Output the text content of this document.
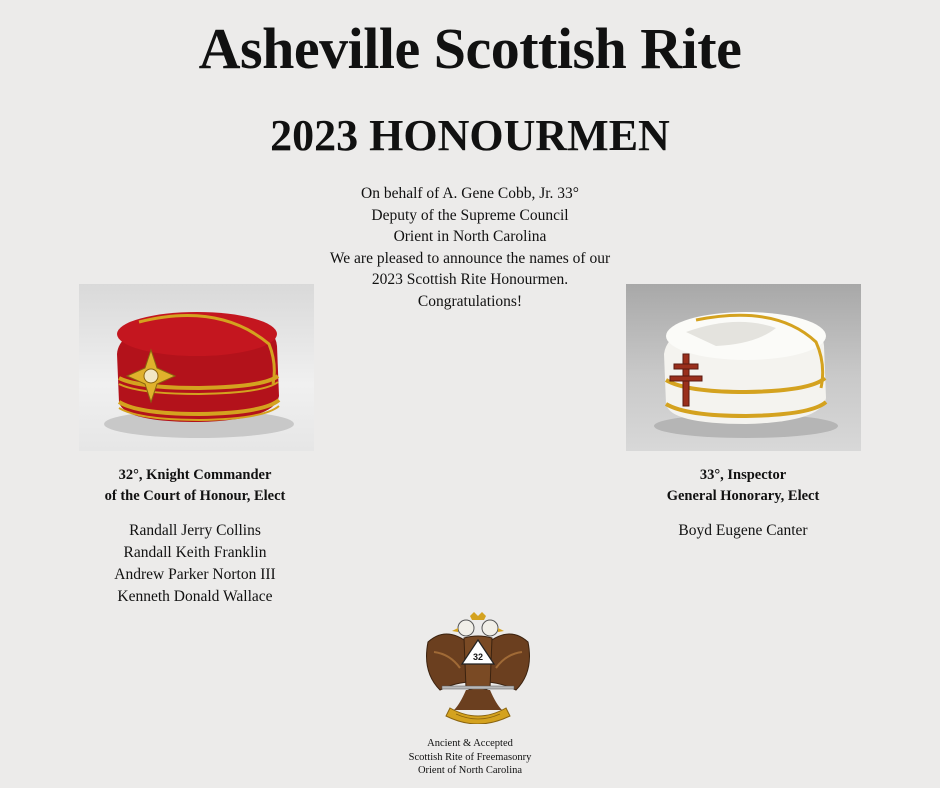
Asheville Scottish Rite
2023 HONOURMEN
On behalf of A. Gene Cobb, Jr. 33°
Deputy of the Supreme Council
Orient in North Carolina
We are pleased to announce the names of our
2023 Scottish Rite Honourmen.
Congratulations!
32°, Knight Commander
of the Court of Honour, Elect
Randall Jerry Collins
Randall Keith Franklin
Andrew Parker Norton III
Kenneth Donald Wallace
33°, Inspector
General Honorary, Elect
Boyd Eugene Canter
32
Ancient & Accepted
Scottish Rite of Freemasonry
Orient of North Carolina
